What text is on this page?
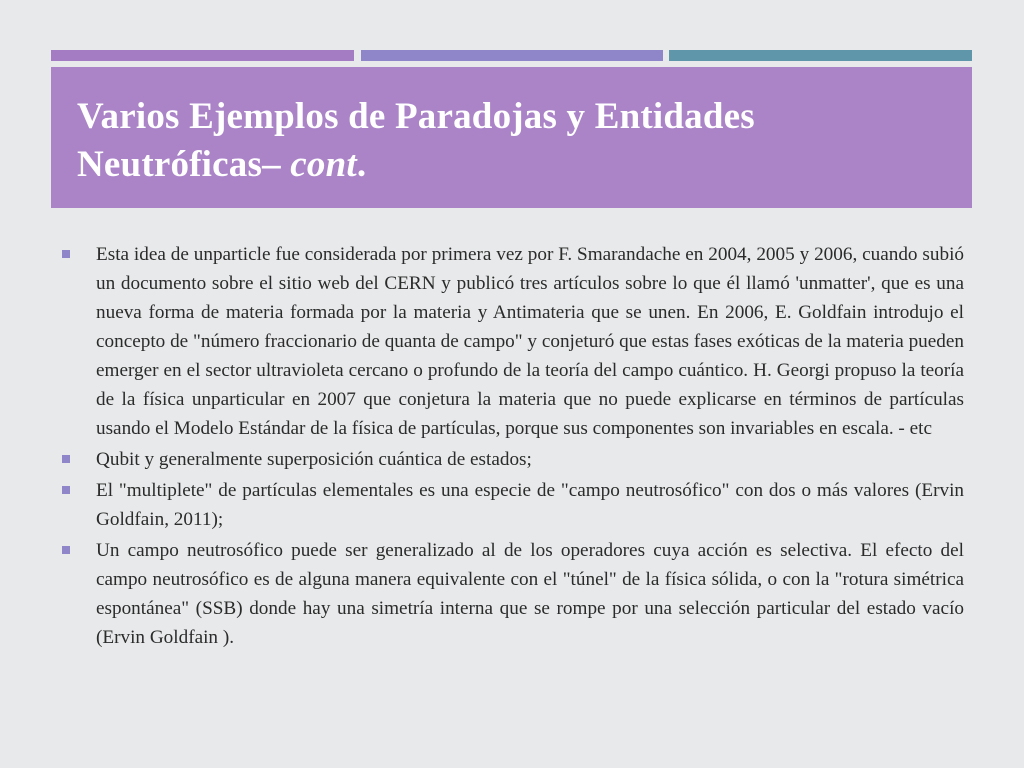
Varios Ejemplos de Paradojas y Entidades Neutróficas– cont.
Esta idea de unparticle fue considerada por primera vez por F. Smarandache en 2004, 2005 y 2006, cuando subió un documento sobre el sitio web del CERN y publicó tres artículos sobre lo que él llamó 'unmatter', que es una nueva forma de materia formada por la materia y Antimateria que se unen. En 2006, E. Goldfain introdujo el concepto de "número fraccionario de quanta de campo" y conjeturó que estas fases exóticas de la materia pueden emerger en el sector ultravioleta cercano o profundo de la teoría del campo cuántico. H. Georgi propuso la teoría de la física unparticular en 2007 que conjetura la materia que no puede explicarse en términos de partículas usando el Modelo Estándar de la física de partículas, porque sus componentes son invariables en escala. - etc
Qubit y generalmente superposición cuántica de estados;
El "multiplete" de partículas elementales es una especie de "campo neutrosófico" con dos o más valores (Ervin Goldfain, 2011);
Un campo neutrosófico puede ser generalizado al de los operadores cuya acción es selectiva. El efecto del campo neutrosófico es de alguna manera equivalente con el "túnel" de la física sólida, o con la "rotura simétrica espontánea" (SSB) donde hay una simetría interna que se rompe por una selección particular del estado vacío (Ervin Goldfain ).
